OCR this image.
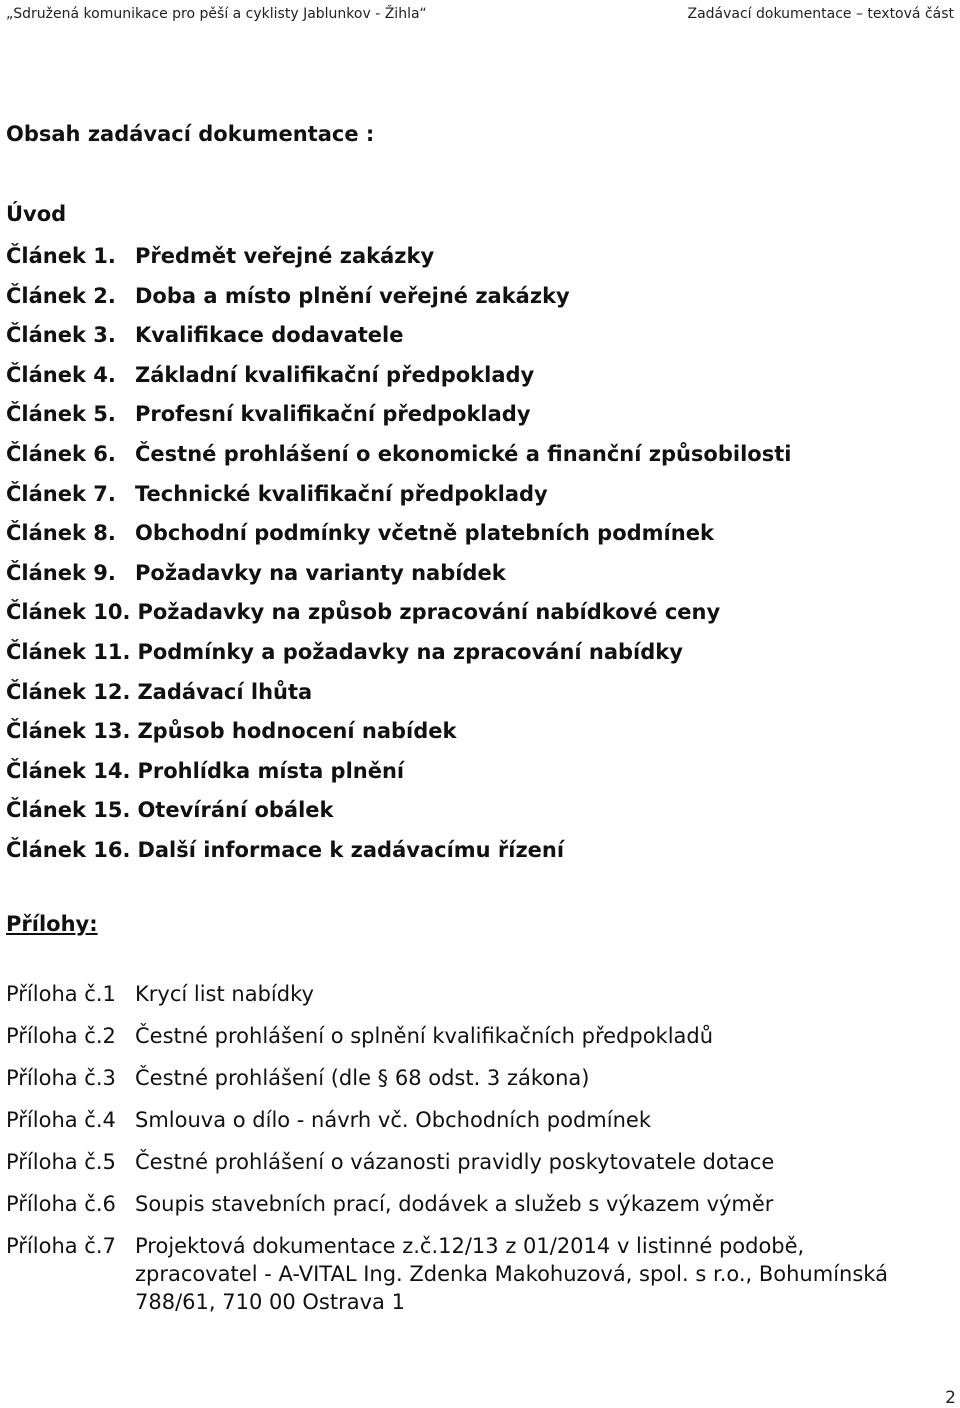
„Sdružená komunikace pro pěší a cyklisty Jablunkov - Žihla“	Zadávací dokumentace – textová část
Obsah zadávací dokumentace :
Úvod
Článek 1. Předmět veřejné zakázky
Článek 2. Doba a místo plnění veřejné zakázky
Článek 3. Kvalifikace dodavatele
Článek 4. Základní kvalifikační předpoklady
Článek 5. Profesní kvalifikační předpoklady
Článek 6. Čestné prohlášení o ekonomické a finanční způsobilosti
Článek 7. Technické kvalifikační předpoklady
Článek 8. Obchodní podmínky včetně platebních podmínek
Článek 9. Požadavky na varianty nabídek
Článek 10. Požadavky na způsob zpracování nabídkové ceny
Článek 11. Podmínky a požadavky na zpracování nabídky
Článek 12. Zadávací lhůta
Článek 13. Způsob hodnocení nabídek
Článek 14. Prohlídka místa plnění
Článek 15. Otevírání obálek
Článek 16. Další informace k zadávacímu řízení
Přílohy:
Příloha č.1 Krycí list nabídky
Příloha č.2 Čestné prohlášení o splnění kvalifikačních předpokladů
Příloha č.3 Čestné prohlášení (dle § 68 odst. 3 zákona)
Příloha č.4 Smlouva o dílo - návrh vč. Obchodních podmínek
Příloha č.5 Čestné prohlášení o vázanosti pravidly poskytovatele dotace
Příloha č.6 Soupis stavebních prací, dodávek a služeb s výkazem výměr
Příloha č.7 Projektová dokumentace z.č.12/13 z 01/2014 v listinné podobě,
zpracovatel - A-VITAL Ing. Zdenka Makohuzová, spol. s r.o., Bohumínská
788/61, 710 00 Ostrava 1
2
